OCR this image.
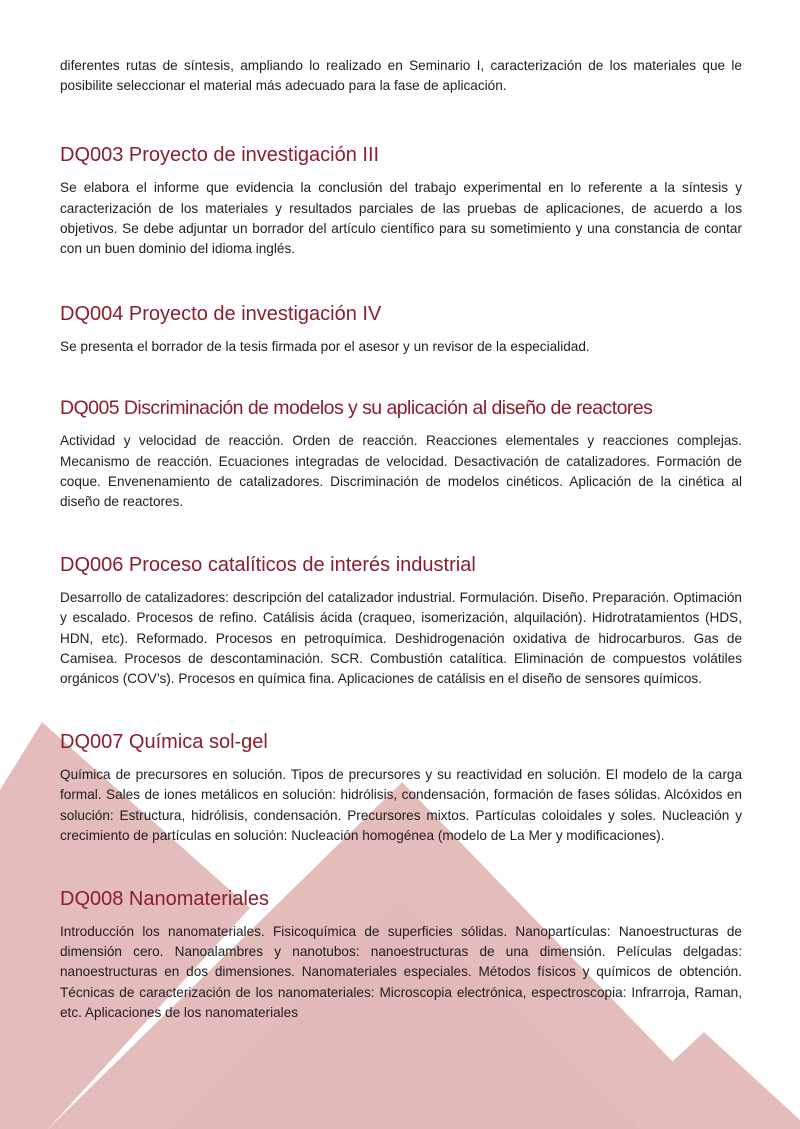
diferentes rutas de síntesis, ampliando lo realizado en Seminario I, caracterización de los materiales que le posibilite seleccionar el material más adecuado para la fase de aplicación.

DQ003 Proyecto de investigación III

Se elabora el informe que evidencia la conclusión del trabajo experimental en lo referente a la síntesis y caracterización de los materiales y resultados parciales de las pruebas de aplicaciones, de acuerdo a los objetivos. Se debe adjuntar un borrador del artículo científico para su sometimiento y una constancia de contar con un buen dominio del idioma inglés.

DQ004 Proyecto de investigación IV

Se presenta el borrador de la tesis firmada por el asesor y un revisor de la especialidad.

DQ005 Discriminación de modelos y su aplicación al diseño de reactores

Actividad y velocidad de reacción. Orden de reacción. Reacciones elementales y reacciones complejas. Mecanismo de reacción. Ecuaciones integradas de velocidad. Desactivación de catalizadores. Formación de coque. Envenenamiento de catalizadores. Discriminación de modelos cinéticos. Aplicación de la cinética al diseño de reactores.

DQ006 Proceso catalíticos de interés industrial

Desarrollo de catalizadores: descripción del catalizador industrial. Formulación. Diseño. Preparación. Optimación y escalado. Procesos de refino. Catálisis ácida (craqueo, isomerización, alquilación). Hidrotratamientos (HDS, HDN, etc). Reformado. Procesos en petroquímica. Deshidrogenación oxidativa de hidrocarburos. Gas de Camisea. Procesos de descontaminación. SCR. Combustión catalítica. Eliminación de compuestos volátiles orgánicos (COV’s). Procesos en química fina. Aplicaciones de catálisis en el diseño de sensores químicos.

DQ007 Química sol-gel

Química de precursores en solución. Tipos de precursores y su reactividad en solución. El modelo de la carga formal. Sales de iones metálicos en solución: hidrólisis, condensación, formación de fases sólidas. Alcóxidos en solución: Estructura, hidrólisis, condensación. Precursores mixtos. Partículas coloidales y soles. Nucleación y crecimiento de partículas en solución: Nucleación homogénea (modelo de La Mer y modificaciones).

DQ008 Nanomateriales

Introducción los nanomateriales. Fisicoquímica de superficies sólidas. Nanopartículas: Nanoestructuras de dimensión cero. Nanoalambres y nanotubos: nanoestructuras de una dimensión. Películas delgadas: nanoestructuras en dos dimensiones. Nanomateriales especiales. Métodos físicos y químicos de obtención. Técnicas de caracterización de los nanomateriales: Microscopia electrónica, espectroscopia: Infrarroja, Raman, etc. Aplicaciones de los nanomateriales
